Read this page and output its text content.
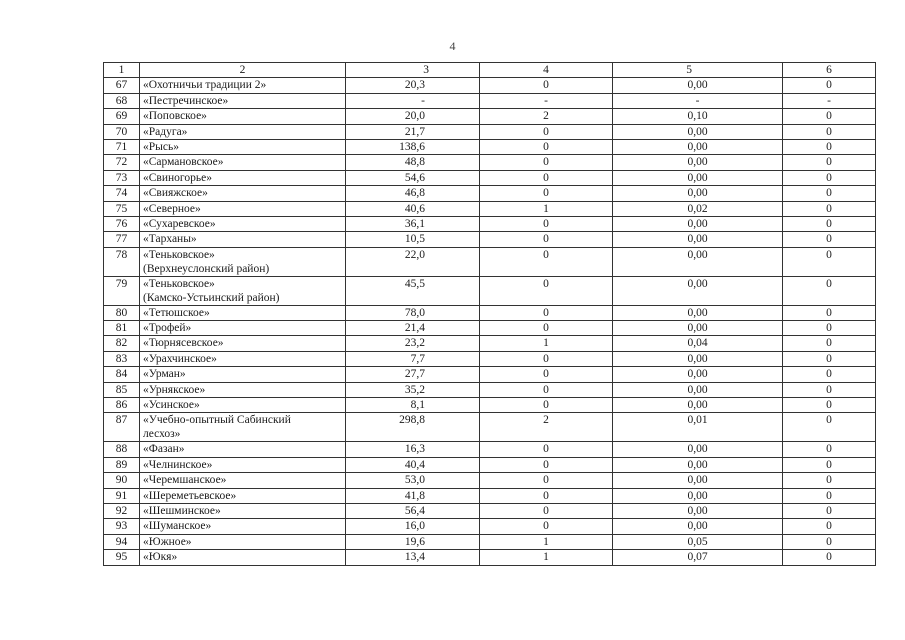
4
1	2	3	4	5	6
67	«Охотничьи традиции 2»	20,3	0	0,00	0
68	«Пестречинское»	-	-	-	-
69	«Поповское»	20,0	2	0,10	0
70	«Радуга»	21,7	0	0,00	0
71	«Рысь»	138,6	0	0,00	0
72	«Сармановское»	48,8	0	0,00	0
73	«Свиногорье»	54,6	0	0,00	0
74	«Свияжское»	46,8	0	0,00	0
75	«Северное»	40,6	1	0,02	0
76	«Сухаревское»	36,1	0	0,00	0
77	«Тарханы»	10,5	0	0,00	0
78	«Теньковское»
(Верхнеуслонский район)	22,0	0	0,00	0
79	«Теньковское»
(Камско-Устьинский район)	45,5	0	0,00	0
80	«Тетюшское»	78,0	0	0,00	0
81	«Трофей»	21,4	0	0,00	0
82	«Тюрнясевское»	23,2	1	0,04	0
83	«Урахчинское»	7,7	0	0,00	0
84	«Урман»	27,7	0	0,00	0
85	«Урнякское»	35,2	0	0,00	0
86	«Усинское»	8,1	0	0,00	0
87	«Учебно-опытный Сабинский
лесхоз»	298,8	2	0,01	0
88	«Фазан»	16,3	0	0,00	0
89	«Челнинское»	40,4	0	0,00	0
90	«Черемшанское»	53,0	0	0,00	0
91	«Шереметьевское»	41,8	0	0,00	0
92	«Шешминское»	56,4	0	0,00	0
93	«Шуманское»	16,0	0	0,00	0
94	«Южное»	19,6	1	0,05	0
95	«Юкя»	13,4	1	0,07	0
